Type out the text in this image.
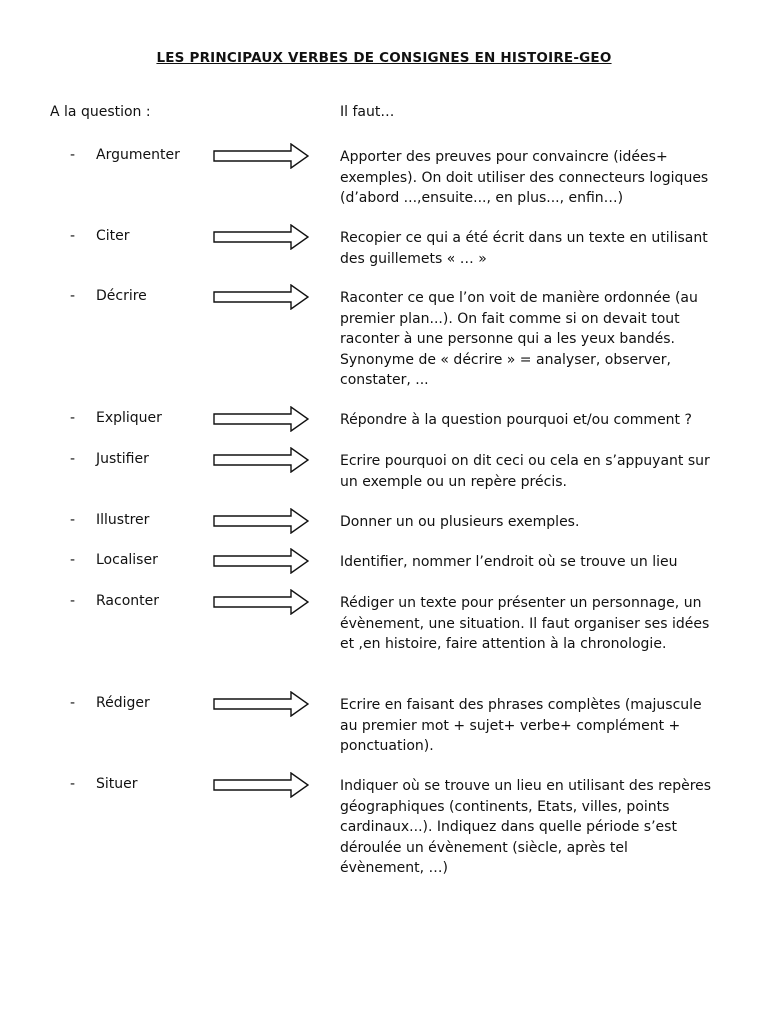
LES PRINCIPAUX VERBES DE CONSIGNES EN HISTOIRE-GEO
A la question :	Il faut…
- Argumenter	Apporter des preuves pour convaincre (idées+ exemples). On doit utiliser des connecteurs logiques (d’abord ...,ensuite..., en plus..., enfin…)
- Citer	Recopier ce qui a été écrit dans un texte en utilisant des guillemets « … »
- Décrire	Raconter ce que l’on voit de manière ordonnée (au premier plan...). On fait comme si on devait tout raconter à une personne qui a les yeux bandés. Synonyme de « décrire » = analyser, observer, constater, ...
- Expliquer	Répondre à la question pourquoi et/ou comment ?
- Justifier	Ecrire pourquoi on dit ceci ou cela en s’appuyant sur un exemple ou un repère précis.
- Illustrer	Donner un ou plusieurs exemples.
- Localiser	Identifier, nommer l’endroit où se trouve un lieu
- Raconter	Rédiger un texte pour présenter un personnage, un évènement, une situation. Il faut organiser ses idées et ,en histoire, faire attention à la chronologie.
- Rédiger	Ecrire en faisant des phrases complètes (majuscule au premier mot + sujet+ verbe+ complément + ponctuation).
- Situer	Indiquer où se trouve un lieu en utilisant des repères géographiques (continents, Etats, villes, points cardinaux...). Indiquez dans quelle période s’est déroulée un évènement (siècle, après tel évènement, …)
